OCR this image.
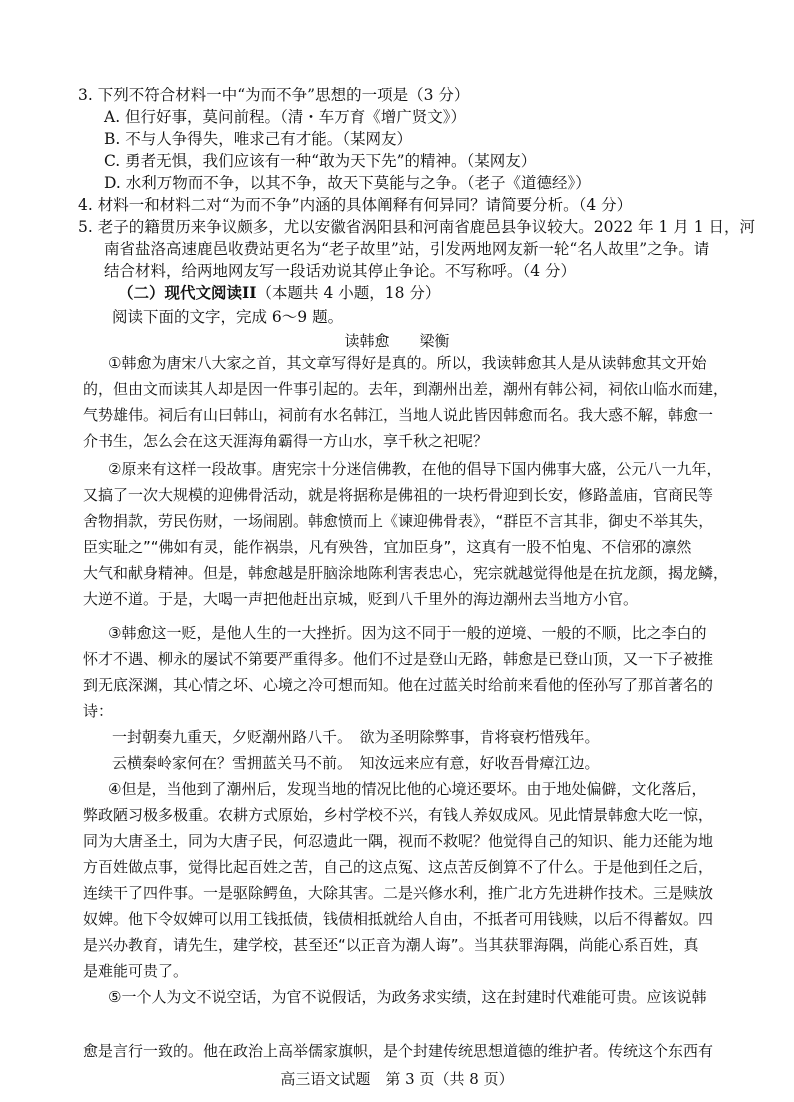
3. 下列不符合材料一中“为而不争”思想的一项是（3 分）
A. 但行好事，莫问前程。（清・车万育《增广贤文》）
B. 不与人争得失，唯求己有才能。（某网友）
C. 勇者无惧，我们应该有一种“敢为天下先”的精神。（某网友）
D. 水利万物而不争，以其不争，故天下莫能与之争。（老子《道德经》）
4. 材料一和材料二对“为而不争”内涵的具体阐释有何异同？请简要分析。（4 分）
5. 老子的籍贯历来争议颇多，尤以安徽省涡阳县和河南省鹿邑县争议较大。2022 年 1 月 1 日，河
南省盐洛高速鹿邑收费站更名为“老子故里”站，引发两地网友新一轮“名人故里”之争。请
结合材料，给两地网友写一段话劝说其停止争论。不写称呼。（4 分）
（二）现代文阅读II（本题共 4 小题，18 分）
阅读下面的文字，完成 6～9 题。
读韩愈　　梁衡
①韩愈为唐宋八大家之首，其文章写得好是真的。所以，我读韩愈其人是从读韩愈其文开始
的，但由文而读其人却是因一件事引起的。去年，到潮州出差，潮州有韩公祠，祠依山临水而建，
气势雄伟。祠后有山曰韩山，祠前有水名韩江，当地人说此皆因韩愈而名。我大惑不解，韩愈一
介书生，怎么会在这天涯海角霸得一方山水，享千秋之祀呢？
②原来有这样一段故事。唐宪宗十分迷信佛教，在他的倡导下国内佛事大盛，公元八一九年，
又搞了一次大规模的迎佛骨活动，就是将据称是佛祖的一块朽骨迎到长安，修路盖庙，官商民等
舍物捐款，劳民伤财，一场闹剧。韩愈愤而上《谏迎佛骨表》，“群臣不言其非，御史不举其失，
臣实耻之”“佛如有灵，能作祸祟，凡有殃咎，宜加臣身”，这真有一股不怕鬼、不信邪的凛然
大气和献身精神。但是，韩愈越是肝脑涂地陈利害表忠心，宪宗就越觉得他是在抗龙颜，揭龙鳞，
大逆不道。于是，大喝一声把他赶出京城，贬到八千里外的海边潮州去当地方小官。
③韩愈这一贬，是他人生的一大挫折。因为这不同于一般的逆境、一般的不顺，比之李白的
怀才不遇、柳永的屡试不第要严重得多。他们不过是登山无路，韩愈是已登山顶，又一下子被推
到无底深渊，其心情之坏、心境之冷可想而知。他在过蓝关时给前来看他的侄孙写了那首著名的
诗：
一封朝奏九重天，夕贬潮州路八千。　欲为圣明除弊事，肯将衰朽惜残年。
云横秦岭家何在？雪拥蓝关马不前。　知汝远来应有意，好收吾骨瘴江边。
④但是，当他到了潮州后，发现当地的情况比他的心境还要坏。由于地处偏僻，文化落后，
弊政陋习极多极重。农耕方式原始，乡村学校不兴，有钱人养奴成风。见此情景韩愈大吃一惊，
同为大唐圣土，同为大唐子民，何忍遗此一隅，视而不救呢？他觉得自己的知识、能力还能为地
方百姓做点事，觉得比起百姓之苦，自己的这点冤、这点苦反倒算不了什么。于是他到任之后，
连续干了四件事。一是驱除鳄鱼，大除其害。二是兴修水利，推广北方先进耕作技术。三是赎放
奴婢。他下令奴婢可以用工钱抵债，钱债相抵就给人自由，不抵者可用钱赎，以后不得蓄奴。四
是兴办教育，请先生，建学校，甚至还“以正音为潮人诲”。当其获罪海隅，尚能心系百姓，真
是难能可贵了。
⑤一个人为文不说空话，为官不说假话，为政务求实绩，这在封建时代难能可贵。应该说韩
愈是言行一致的。他在政治上高举儒家旗帜，是个封建传统思想道德的维护者。传统这个东西有
高三语文试题　第 3 页（共 8 页）
